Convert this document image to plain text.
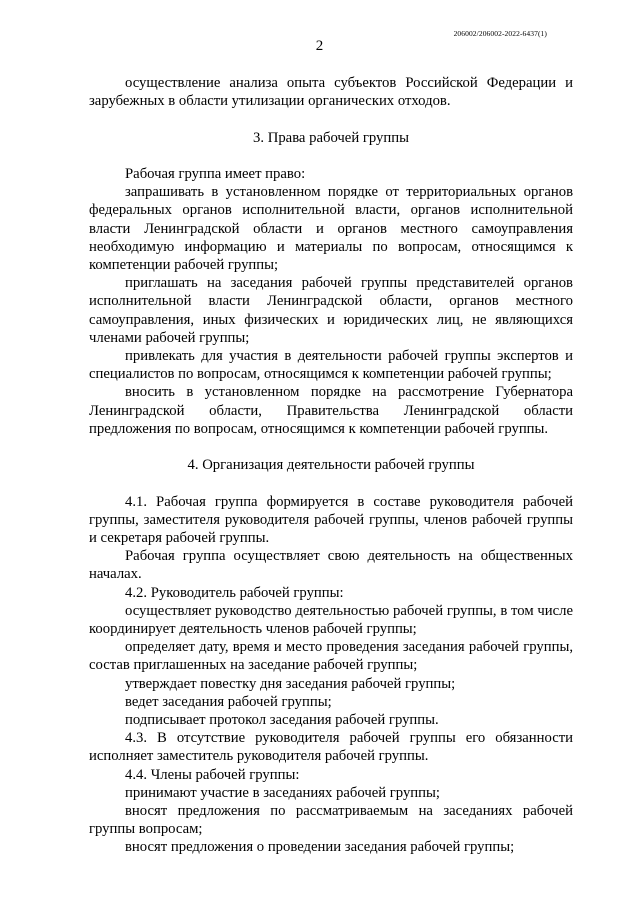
206002/206002-2022-6437(1)
2

осуществление анализа опыта субъектов Российской Федерации и зарубежных в области утилизации органических отходов.

3. Права рабочей группы

Рабочая группа имеет право:

запрашивать в установленном порядке от территориальных органов федеральных органов исполнительной власти, органов исполнительной власти Ленинградской области и органов местного самоуправления необходимую информацию и материалы по вопросам, относящимся к компетенции рабочей группы;

приглашать на заседания рабочей группы представителей органов исполнительной власти Ленинградской области, органов местного самоуправления, иных физических и юридических лиц, не являющихся членами рабочей группы;

привлекать для участия в деятельности рабочей группы экспертов и специалистов по вопросам, относящимся к компетенции рабочей группы;

вносить в установленном порядке на рассмотрение Губернатора Ленинградской области, Правительства Ленинградской области предложения по вопросам, относящимся к компетенции рабочей группы.

4. Организация деятельности рабочей группы

4.1. Рабочая группа формируется в составе руководителя рабочей группы, заместителя руководителя рабочей группы, членов рабочей группы и секретаря рабочей группы.

Рабочая группа осуществляет свою деятельность на общественных началах.

4.2. Руководитель рабочей группы:

осуществляет руководство деятельностью рабочей группы, в том числе координирует деятельность членов рабочей группы;

определяет дату, время и место проведения заседания рабочей группы, состав приглашенных на заседание рабочей группы;

утверждает повестку дня заседания рабочей группы;

ведет заседания рабочей группы;

подписывает протокол заседания рабочей группы.

4.3. В отсутствие руководителя рабочей группы его обязанности исполняет заместитель руководителя рабочей группы.

4.4. Члены рабочей группы:

принимают участие в заседаниях рабочей группы;

вносят предложения по рассматриваемым на заседаниях рабочей группы вопросам;

вносят предложения о проведении заседания рабочей группы;
